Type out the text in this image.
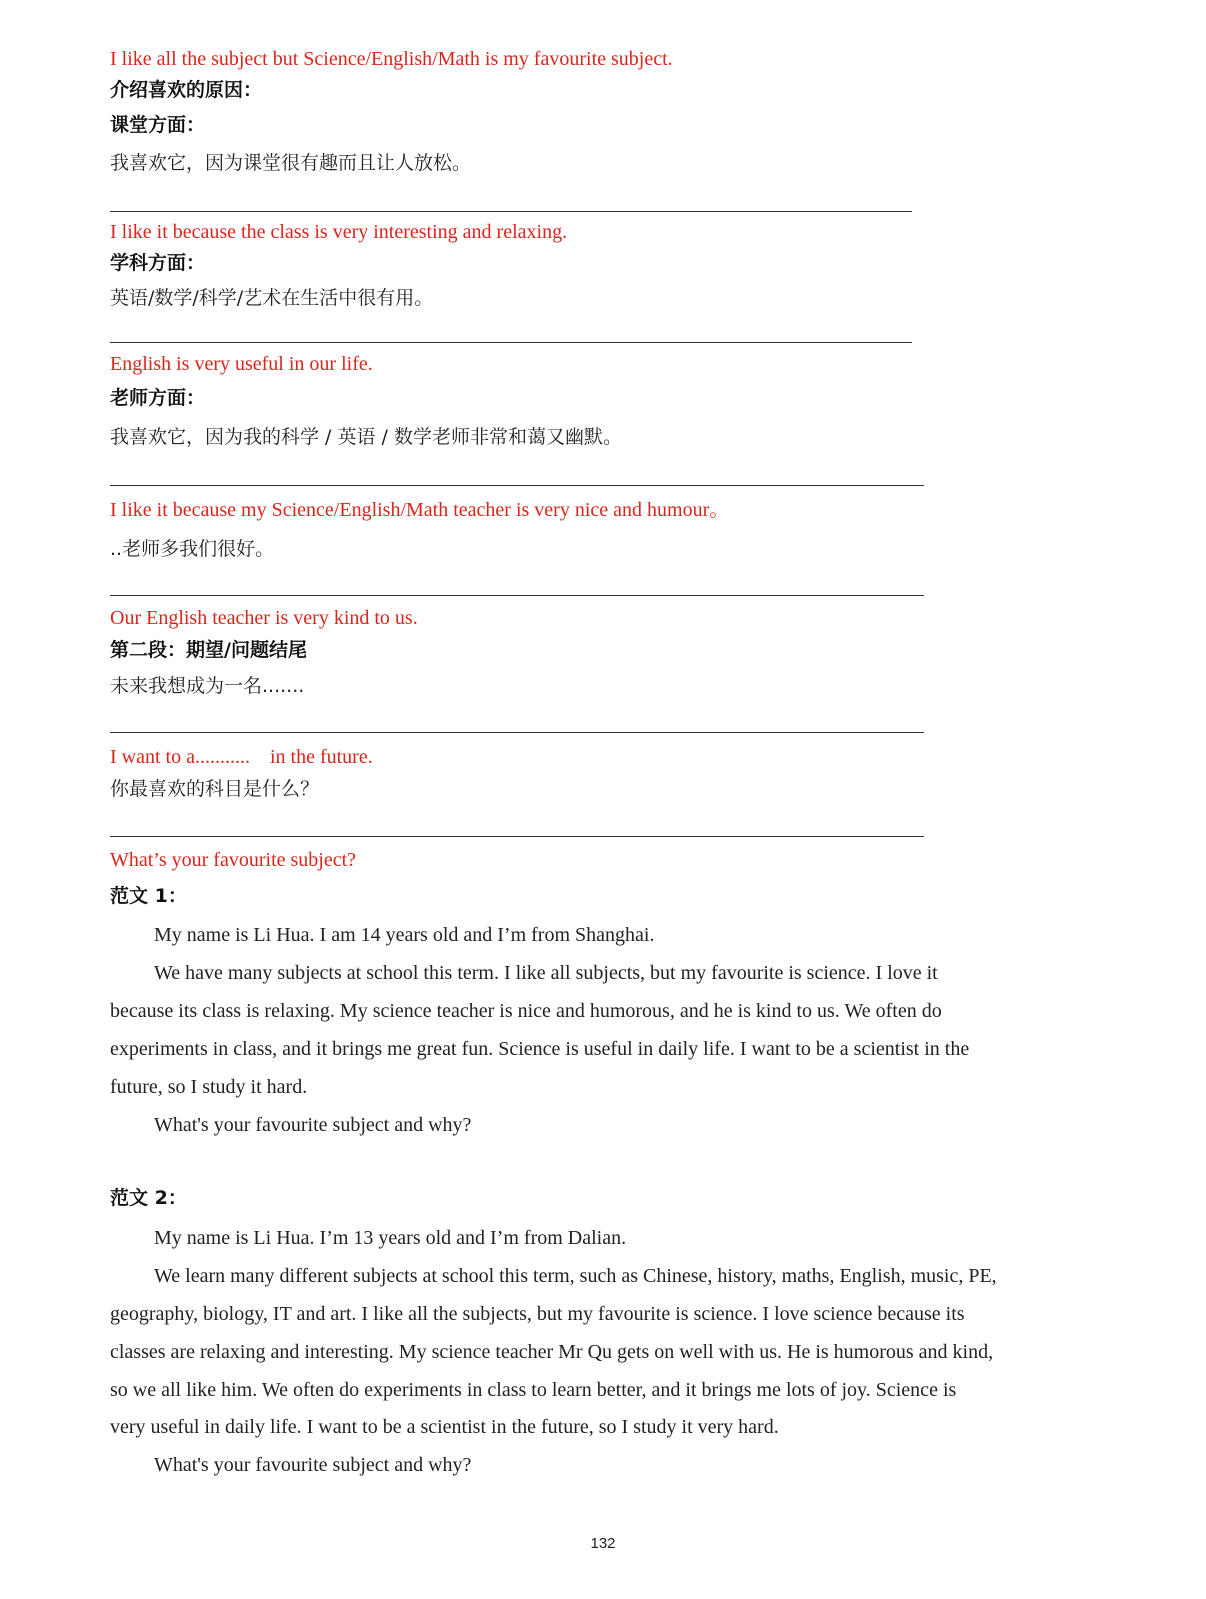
I like all the subject but Science/English/Math is my favourite subject.
介绍喜欢的原因：
课堂方面：
我喜欢它，因为课堂很有趣而且让人放松。
I like it because the class is very interesting and relaxing.
学科方面：
英语/数学/科学/艺术在生活中很有用。
English is very useful in our life.
老师方面：
我喜欢它，因为我的科学 / 英语 / 数学老师非常和蔼又幽默。
I like it because my Science/English/Math teacher is very nice and humour。
..老师多我们很好。
Our English teacher is very kind to us.
第二段：期望/问题结尾
未来我想成为一名.......
I want to a...........    in the future.
你最喜欢的科目是什么？
What’s your favourite subject?
范文 1：
My name is Li Hua. I am 14 years old and I’m from Shanghai.
We have many subjects at school this term. I like all subjects, but my favourite is science. I love it
because its class is relaxing. My science teacher is nice and humorous, and he is kind to us. We often do
experiments in class, and it brings me great fun. Science is useful in daily life. I want to be a scientist in the
future, so I study it hard.
What's your favourite subject and why?
范文 2：
My name is Li Hua. I’m 13 years old and I’m from Dalian.
We learn many different subjects at school this term, such as Chinese, history, maths, English, music, PE,
geography, biology, IT and art. I like all the subjects, but my favourite is science. I love science because its
classes are relaxing and interesting. My science teacher Mr Qu gets on well with us. He is humorous and kind,
so we all like him. We often do experiments in class to learn better, and it brings me lots of joy. Science is
very useful in daily life. I want to be a scientist in the future, so I study it very hard.
What's your favourite subject and why?
132
